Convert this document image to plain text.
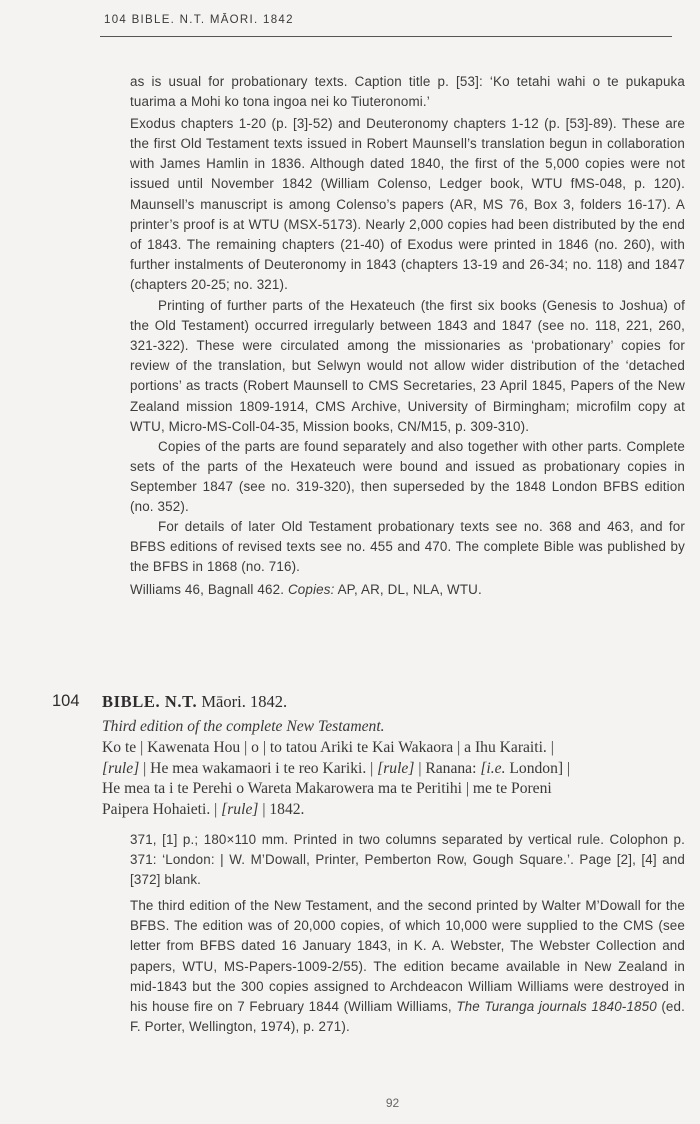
104 BIBLE. N.T. MĀORI. 1842

as is usual for probationary texts. Caption title p. [53]: ‘Ko tetahi wahi o te pukapuka tuarima a Mohi ko tona ingoa nei ko Tiuteronomi.’

Exodus chapters 1-20 (p. [3]-52) and Deuteronomy chapters 1-12 (p. [53]-89). These are the first Old Testament texts issued in Robert Maunsell’s translation begun in collaboration with James Hamlin in 1836. Although dated 1840, the first of the 5,000 copies were not issued until November 1842 (William Colenso, Ledger book, WTU fMS-048, p. 120). Maunsell’s manuscript is among Colenso’s papers (AR, MS 76, Box 3, folders 16-17). A printer’s proof is at WTU (MSX-5173). Nearly 2,000 copies had been distributed by the end of 1843. The remaining chapters (21-40) of Exodus were printed in 1846 (no. 260), with further instalments of Deuteronomy in 1843 (chapters 13-19 and 26-34; no. 118) and 1847 (chapters 20-25; no. 321).

Printing of further parts of the Hexateuch (the first six books (Genesis to Joshua) of the Old Testament) occurred irregularly between 1843 and 1847 (see no. 118, 221, 260, 321-322). These were circulated among the missionaries as ‘probationary’ copies for review of the translation, but Selwyn would not allow wider distribution of the ‘detached portions’ as tracts (Robert Maunsell to CMS Secretaries, 23 April 1845, Papers of the New Zealand mission 1809-1914, CMS Archive, University of Birmingham; microfilm copy at WTU, Micro-MS-Coll-04-35, Mission books, CN/M15, p. 309-310).

Copies of the parts are found separately and also together with other parts. Complete sets of the parts of the Hexateuch were bound and issued as probationary copies in September 1847 (see no. 319-320), then superseded by the 1848 London BFBS edition (no. 352).

For details of later Old Testament probationary texts see no. 368 and 463, and for BFBS editions of revised texts see no. 455 and 470. The complete Bible was published by the BFBS in 1868 (no. 716).

Williams 46, Bagnall 462. Copies: AP, AR, DL, NLA, WTU.

104 BIBLE. N.T. Māori. 1842.
Third edition of the complete New Testament.
Ko te | Kawenata Hou | o | to tatou Ariki te Kai Wakaora | a Ihu Karaiti. |
[rule] | He mea wakamaori i te reo Kariki. | [rule] | Ranana: [i.e. London] |
He mea ta i te Perehi o Wareta Makarowera ma te Peritihi | me te Poreni
Paipera Hohaieti. | [rule] | 1842.

371, [1] p.; 180×110 mm. Printed in two columns separated by vertical rule. Colophon p. 371: ‘London: | W. M’Dowall, Printer, Pemberton Row, Gough Square.’. Page [2], [4] and [372] blank.

The third edition of the New Testament, and the second printed by Walter M’Dowall for the BFBS. The edition was of 20,000 copies, of which 10,000 were supplied to the CMS (see letter from BFBS dated 16 January 1843, in K. A. Webster, The Webster Collection and papers, WTU, MS-Papers-1009-2/55). The edition became available in New Zealand in mid-1843 but the 300 copies assigned to Archdeacon William Williams were destroyed in his house fire on 7 February 1844 (William Williams, The Turanga journals 1840-1850 (ed. F. Porter, Wellington, 1974), p. 271).

92
